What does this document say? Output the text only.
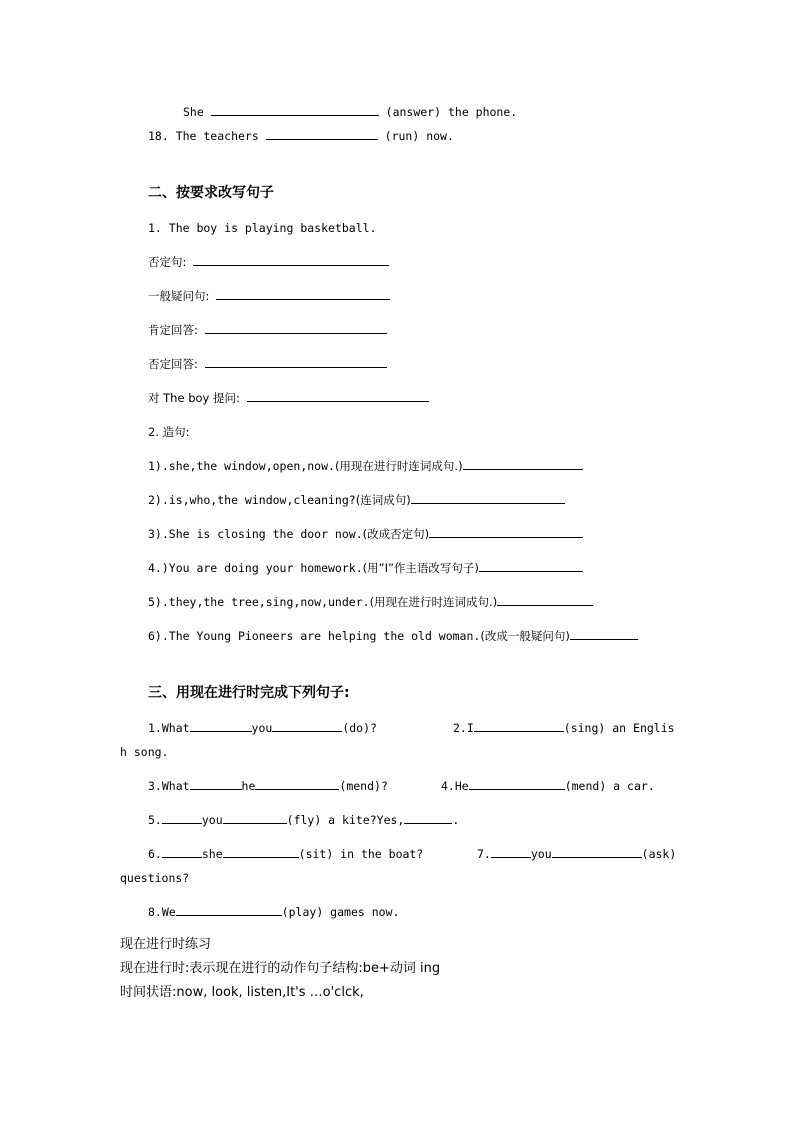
She	(answer) the phone.
18. The teachers	(run) now.
二、按要求改写句子
1. The boy is playing basketball.
否定句:
一般疑问句:
肯定回答:
否定回答:
对 The boy 提问:
2. 造句:
1).she,the window,open,now.(用现在进行时连词成句.)
2).is,who,the window,cleaning?(连词成句)
3).She is closing the door now.(改成否定句)
4.)You are doing your homework.(用”I”作主语改写句子)
5).they,the tree,sing,now,under.(用现在进行时连词成句.)
6).The Young Pioneers are helping the old woman.(改成一般疑问句)
三、用现在进行时完成下列句子:
1.What	you	(do)?	2.I	(sing) an Englis
h song.
3.What	he	(mend)?	4.He	(mend) a car.
5.	you	(fly) a kite?Yes,	.
6.	she	(sit) in the boat?	7.	you	(ask)
questions?
8.We	(play) games now.
现在进行时练习
现在进行时:表示现在进行的动作句子结构:be+动词 ing
时间状语:now, look, listen,It's …o'clck,
